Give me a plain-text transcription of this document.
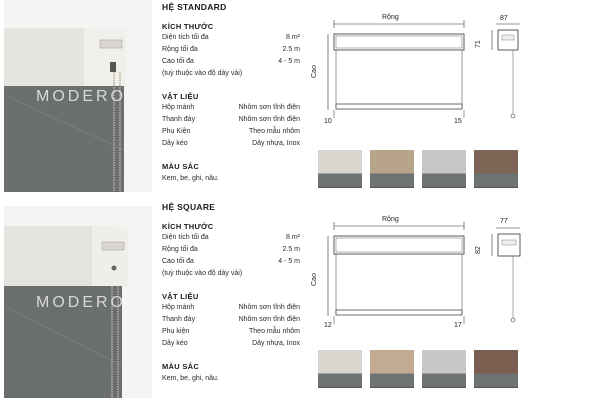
MODERO
HỆ STANDARD
KÍCH THƯỚC
Diện tích tối đa	8 m²
Rộng tối đa	2.5 m
Cao tối đa	4 - 5 m
(tuỳ thuộc vào độ dày vải)
VẬT LIỆU
Hộp mành	Nhôm sơn tĩnh điện
Thanh đáy	Nhôm sơn tĩnh điện
Phụ Kiện	Theo mẫu nhôm
Dây kéo	Dây nhựa, Inox
MÀU SẮC
Kem, be, ghi, nâu.
Rộng
Cao
87
71
10	15
MODERO
HỆ SQUARE
KÍCH THƯỚC
Diện tích tối đa	8 m²
Rộng tối đa	2.5 m
Cao tối đa	4 - 5 m
(tuỳ thuộc vào độ dày vải)
VẬT LIỆU
Hộp mành	Nhôm sơn tĩnh điện
Thanh đáy	Nhôm sơn tĩnh điện
Phụ kiện	Theo mẫu nhôm
Dây kéo	Dây nhựa, Inox
MÀU SẮC
Kem, be, ghi, nâu.
Rộng
Cao
77
82
12	17
